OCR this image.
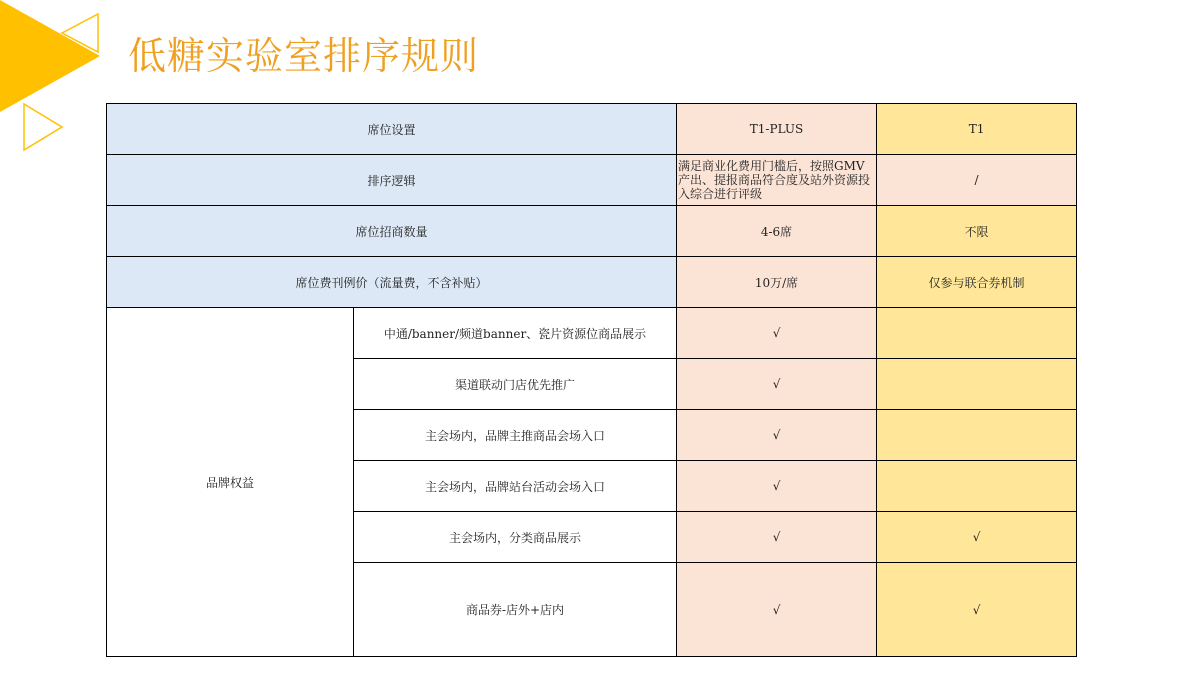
低糖实验室排序规则
席位设置		T1-PLUS	T1
排序逻辑		满足商业化费用门槛后，按照GMV产出、提报商品符合度及站外资源投入综合进行评级	/
席位招商数量		4-6席	不限
席位费刊例价（流量费，不含补贴）		10万/席	仅参与联合券机制
品牌权益	中通/banner/频道banner、瓷片资源位商品展示	√	
	渠道联动门店优先推广	√	
	主会场内，品牌主推商品会场入口	√	
	主会场内，品牌站台活动会场入口	√	
	主会场内，分类商品展示	√	√
	商品券-店外+店内	√	√
